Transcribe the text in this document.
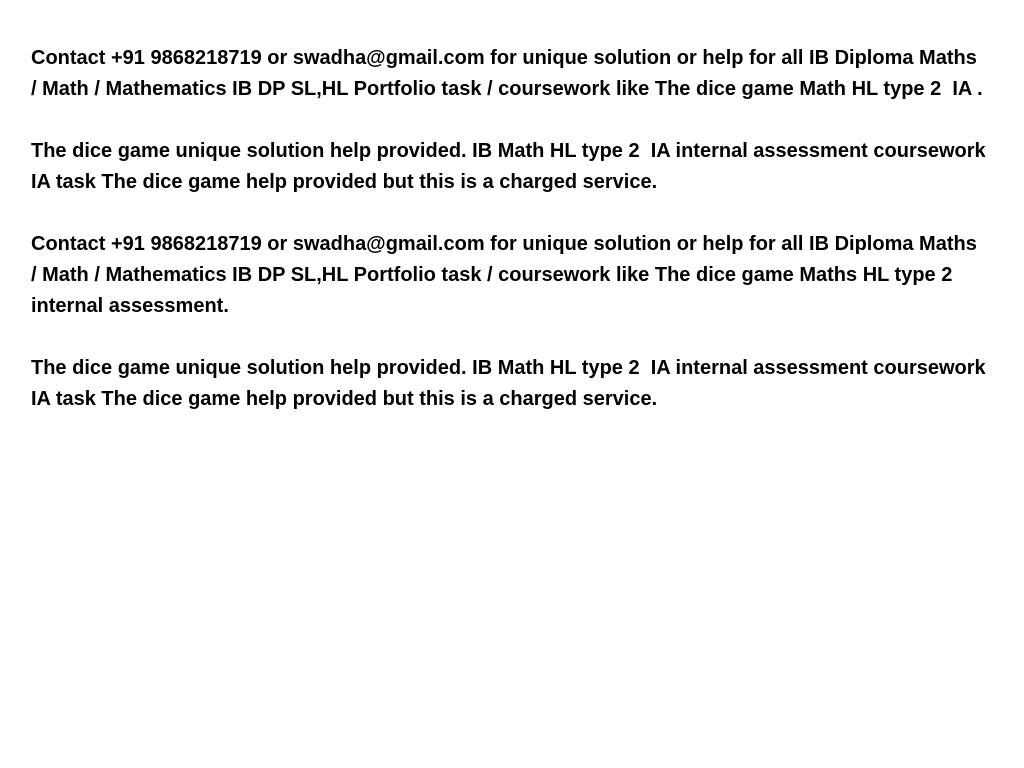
Contact +91 9868218719 or swadha@gmail.com for unique solution or help for all IB Diploma Maths  / Math / Mathematics IB DP SL,HL Portfolio task / coursework like The dice game Math HL type 2  IA .

The dice game unique solution help provided. IB Math HL type 2  IA internal assessment coursework IA task The dice game help provided but this is a charged service.

Contact +91 9868218719 or swadha@gmail.com for unique solution or help for all IB Diploma Maths  / Math / Mathematics IB DP SL,HL Portfolio task / coursework like The dice game Maths HL type 2  internal assessment.

The dice game unique solution help provided. IB Math HL type 2  IA internal assessment coursework IA task The dice game help provided but this is a charged service.
